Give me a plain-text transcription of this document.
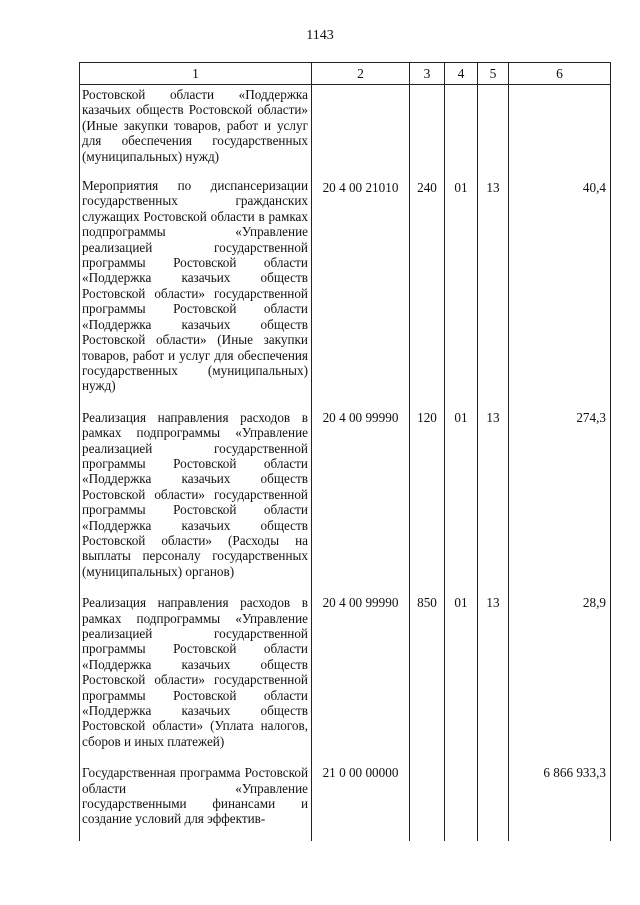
1143
1	2	3	4	5	6
Ростовской области «Поддержка казачьих обществ Ростовской области» (Иные закупки товаров, работ и услуг для обеспечения государственных (муниципальных) нужд)					
Мероприятия по диспансеризации государственных гражданских служащих Ростовской области в рамках подпрограммы «Управление реализацией государственной программы Ростовской области «Поддержка казачьих обществ Ростовской области» государственной программы Ростовской области «Поддержка казачьих обществ Ростовской области» (Иные закупки товаров, работ и услуг для обеспечения государственных (муниципальных) нужд)	20 4 00 21010	240	01	13	40,4
Реализация направления расходов в рамках подпрограммы «Управление реализацией государственной программы Ростовской области «Поддержка казачьих обществ Ростовской области» государственной программы Ростовской области «Поддержка казачьих обществ Ростовской области» (Расходы на выплаты персоналу государственных (муниципальных) органов)	20 4 00 99990	120	01	13	274,3
Реализация направления расходов в рамках подпрограммы «Управление реализацией государственной программы Ростовской области «Поддержка казачьих обществ Ростовской области» государственной программы Ростовской области «Поддержка казачьих обществ Ростовской области» (Уплата налогов, сборов и иных платежей)	20 4 00 99990	850	01	13	28,9
Государственная программа Ростовской области «Управление государственными финансами и создание условий для эффектив-	21 0 00 00000				6 866 933,3
